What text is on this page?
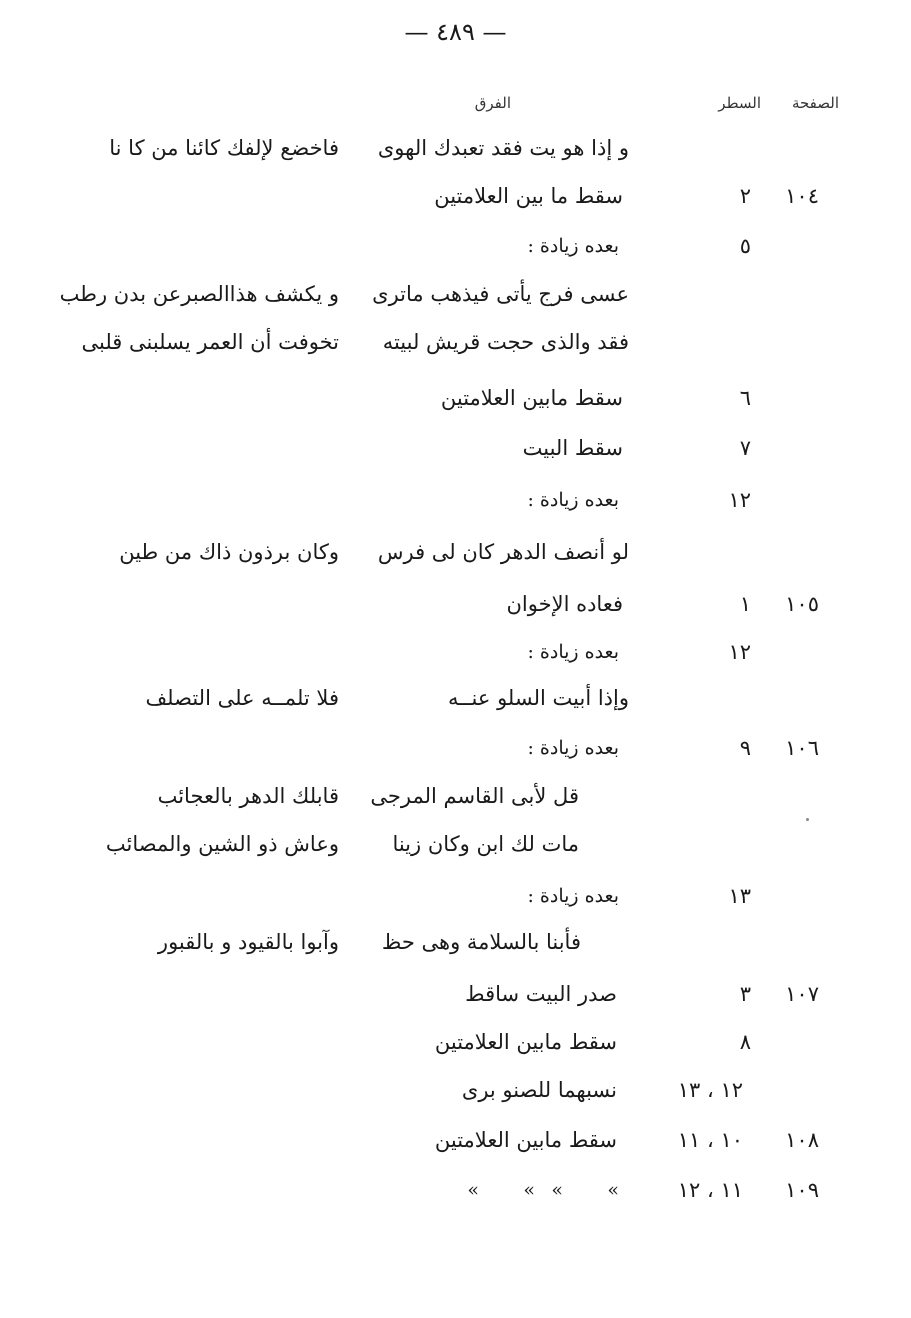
— ٤٨٩ —
الصفحة
السطر
الفرق
و إذا هو يت فقد تعبدك الهوى
فاخضع لإلفك كائنا من كا نا
١٠٤
٢
سقط ما بين العلامتين
٥
بعده زيادة :
عسى فرج يأتى فيذهب ماترى
و يكشف هذاالصبرعن بدن رطب
فقد والذى حجت قريش لبيته
تخوفت أن العمر يسلبنى قلبى
٦
سقط مابين العلامتين
٧
سقط البيت
١٢
بعده زيادة :
لو أنصف الدهر كان لى فرس
وكان برذون ذاك من طين
١٠٥
١
فعاده الإخوان
١٢
بعده زيادة :
وإذا أبيت السلو عنــه
فلا تلمــه على التصلف
١٠٦
٩
بعده زيادة :
قل لأبى القاسم المرجى
قابلك الدهر بالعجائب
مات لك ابن وكان زينا
وعاش ذو الشين والمصائب
١٣
بعده زيادة :
فأبنا بالسلامة وهى حظ
وآبوا بالقيود و بالقبور
١٠٧
٣
صدر البيت ساقط
٨
سقط مابين العلامتين
١٢ ، ١٣
نسبهما للصنو برى
١٠٨
١٠ ، ١١
سقط مابين العلامتين
١٠٩
١١ ، ١٢
»
»
»
»
